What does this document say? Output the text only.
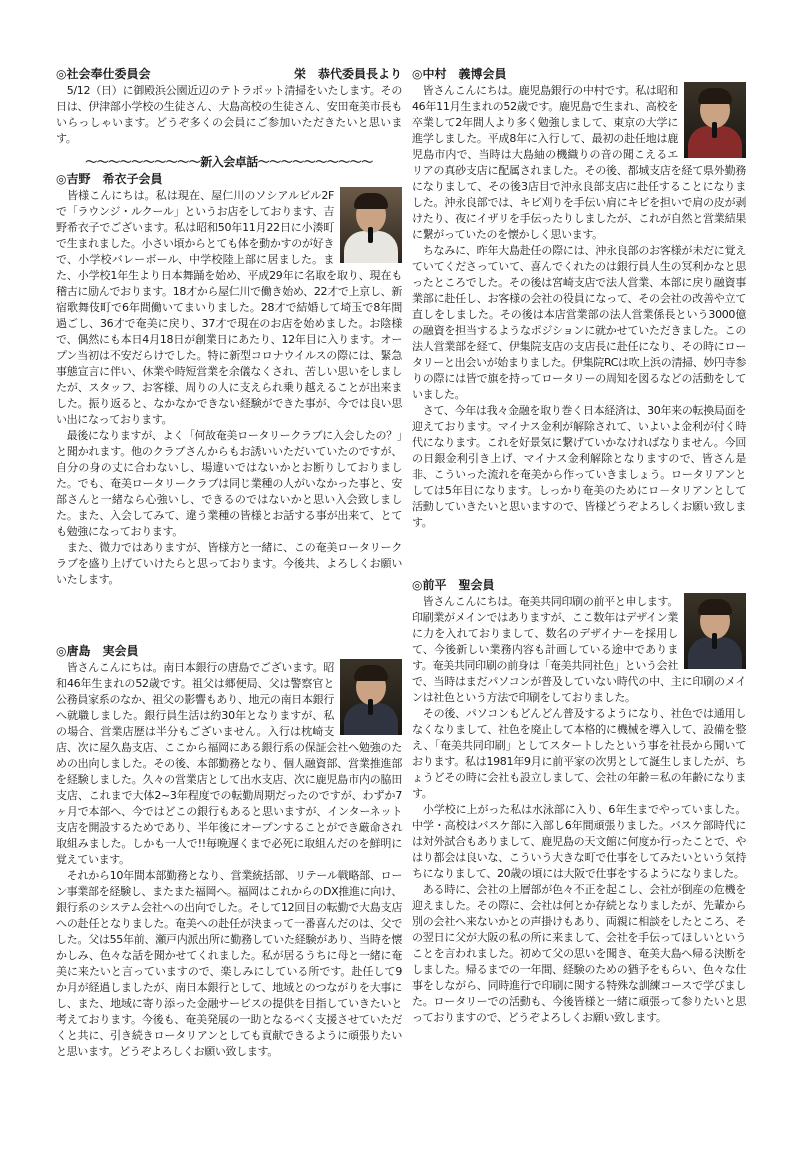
◎社会奉仕委員会	栄　恭代委員長より
　5/12（日）に御殿浜公園近辺のテトラポット清掃をいたします。その日は、伊津部小学校の生徒さん、大島高校の生徒さん、安田奄美市長もいらっしゃいます。どうぞ多くの会員にご参加いただきたいと思います。
〜〜〜〜〜〜〜〜〜〜新入会卓話〜〜〜〜〜〜〜〜〜〜
◎吉野　希衣子会員
　皆様こんにちは。私は現在、屋仁川のソシアルビル2Fで「ラウンジ・ルクール」というお店をしております、吉野希衣子でございます。私は昭和50年11月22日に小湊町で生まれました。小さい頃からとても体を動かすのが好きで、小学校バレーボール、中学校陸上部に居ました。また、小学校1年生より日本舞踊を始め、平成29年に名取を取り、現在も稽古に励んでおります。18才から屋仁川で働き始め、22才で上京し、新宿歌舞伎町で6年間働いてまいりました。28才で結婚して埼玉で8年間過ごし、36才で奄美に戻り、37才で現在のお店を始めました。お陰様で、偶然にも本日4月18日が創業日にあたり、12年目に入ります。オープン当初は不安だらけでした。特に新型コロナウイルスの際には、緊急事態宣言に伴い、休業や時短営業を余儀なくされ、苦しい思いをしましたが、スタッフ、お客様、周りの人に支えられ乗り越えることが出来ました。振り返ると、なかなかできない経験ができた事が、今では良い思い出になっております。
　最後になりますが、よく「何故奄美ロータリークラブに入会したの？」と聞かれます。他のクラブさんからもお誘いいただいていたのですが、自分の身の丈に合わないし、場違いではないかとお断りしておりました。でも、奄美ロータリークラブは同じ業種の人がいなかった事と、安部さんと一緒なら心強いし、できるのではないかと思い入会致しました。また、入会してみて、違う業種の皆様とお話する事が出来て、とても勉強になっております。
　また、微力ではありますが、皆様方と一緒に、この奄美ロータリークラブを盛り上げていけたらと思っております。今後共、よろしくお願いいたします。
◎唐島　実会員
　皆さんこんにちは。南日本銀行の唐島でございます。昭和46年生まれの52歳です。祖父は郷便局、父は警察官と公務員家系のなか、祖父の影響もあり、地元の南日本銀行へ就職しました。銀行員生活は約30年となりますが、私の場合、営業店歴は半分もございません。入行は枕崎支店、次に屋久島支店、ここから福岡にある銀行系の保証会社へ勉強のための出向しました。その後、本部勤務となり、個人融資部、営業推進部を経験しました。久々の営業店として出水支店、次に鹿児島市内の脇田支店、これまで大体2~3年程度での転勤周期だったのですが、わずか7ヶ月で本部へ、今ではどこの銀行もあると思いますが、インターネット支店を開設するためであり、半年後にオープンすることができ厳命され取組みました。しかも一人で!!毎晩遅くまで必死に取組んだのを鮮明に覚えています。
　それから10年間本部勤務となり、営業統括部、リテール戦略部、ローン事業部を経験し、またまた福岡へ。福岡はこれからのDX推進に向け、銀行系のシステム会社への出向でした。そして12回目の転勤で大島支店への赴任となりました。奄美への赴任が決まって一番喜んだのは、父でした。父は55年前、瀬戸内派出所に勤務していた経験があり、当時を懐かしみ、色々な話を聞かせてくれました。私が居るうちに母と一緒に奄美に来たいと言っていますので、楽しみにしている所です。赴任して9か月が経過しましたが、南日本銀行として、地域とのつながりを大事にし、また、地域に寄り添った金融サービスの提供を目指していきたいと考えております。今後も、奄美発展の一助となるべく支援させていただくと共に、引き続きロータリアンとしても貢献できるように頑張りたいと思います。どうぞよろしくお願い致します。
◎中村　義博会員
　皆さんこんにちは。鹿児島銀行の中村です。私は昭和46年11月生まれの52歳です。鹿児島で生まれ、高校を卒業して2年間人より多く勉強しまして、東京の大学に進学しました。平成8年に入行して、最初の赴任地は鹿児島市内で、当時は大島紬の機織りの音の聞こえるエリアの真砂支店に配属されました。その後、都城支店を経て県外勤務になりまして、その後3店目で沖永良部支店に赴任することになりました。沖永良部では、キビ刈りを手伝い肩にキビを担いで肩の皮が剥けたり、夜にイザリを手伝ったりしましたが、これが自然と営業結果に繋がっていたのを懐かしく思います。
　ちなみに、昨年大島赴任の際には、沖永良部のお客様が未だに覚えていてくださっていて、喜んでくれたのは銀行員人生の冥利かなと思ったところでした。その後は宮崎支店で法人営業、本部に戻り融資事業部に赴任し、お客様の会社の役員になって、その会社の改善や立て直しをしました。その後は本店営業部の法人営業係長という3000億の融資を担当するようなポジションに就かせていただきました。この法人営業部を経て、伊集院支店の支店長に赴任になり、その時にロータリーと出会いが始まりました。伊集院RCは吹上浜の清掃、妙円寺参りの際には皆で旗を持ってロータリーの周知を図るなどの活動をしていました。
　さて、今年は我々金融を取り巻く日本経済は、30年来の転換局面を迎えております。マイナス金利が解除されて、いよいよ金利が付く時代になります。これを好景気に繋げていかなければなりません。今回の日銀金利引き上げ、マイナス金利解除となりますので、皆さん是非、こういった流れを奄美から作っていきましょう。ロータリアンとしては5年目になります。しっかり奄美のためにロ－タリアンとして活動していきたいと思いますので、皆様どうぞよろしくお願い致します。
◎前平　聖会員
　皆さんこんにちは。奄美共同印刷の前平と申します。印刷業がメインではありますが、ここ数年はデザイン業に力を入れておりまして、数名のデザイナーを採用して、今後新しい業務内容も計画している途中であります。奄美共同印刷の前身は「奄美共同社色」という会社で、当時はまだパソコンが普及していない時代の中、主に印刷のメインは社色という方法で印刷をしておりました。
　その後、パソコンもどんどん普及するようになり、社色では通用しなくなりまして、社色を廃止して本格的に機械を導入して、設備を整え、「奄美共同印刷」としてスタートしたという事を社長から聞いております。私は1981年9月に前平家の次男として誕生しましたが、ちょうどその時に会社も設立しまして、会社の年齢＝私の年齢になります。
　小学校に上がった私は水泳部に入り、6年生までやっていました。中学・高校はバスケ部に入部し6年間頑張りました。バスケ部時代には対外試合もありまして、鹿児島の天文館に何度か行ったことで、やはり都会は良いな、こういう大きな町で仕事をしてみたいという気持ちになりまして、20歳の頃には大阪で仕事をするようになりました。
　ある時に、会社の上層部が色々不正を起こし、会社が倒産の危機を迎えました。その際に、会社は何とか存続となりましたが、先輩から別の会社へ来ないかとの声掛けもあり、両親に相談をしたところ、その翌日に父が大阪の私の所に来まして、会社を手伝ってほしいということを言われました。初めて父の思いを聞き、奄美大島へ帰る決断をしました。帰るまでの一年間、経験のための猶予をもらい、色々な仕事をしながら、同時進行で印刷に関する特殊な訓練コースで学びました。ロータリーでの活動も、今後皆様と一緒に頑張って参りたいと思っておりますので、どうぞよろしくお願い致します。
